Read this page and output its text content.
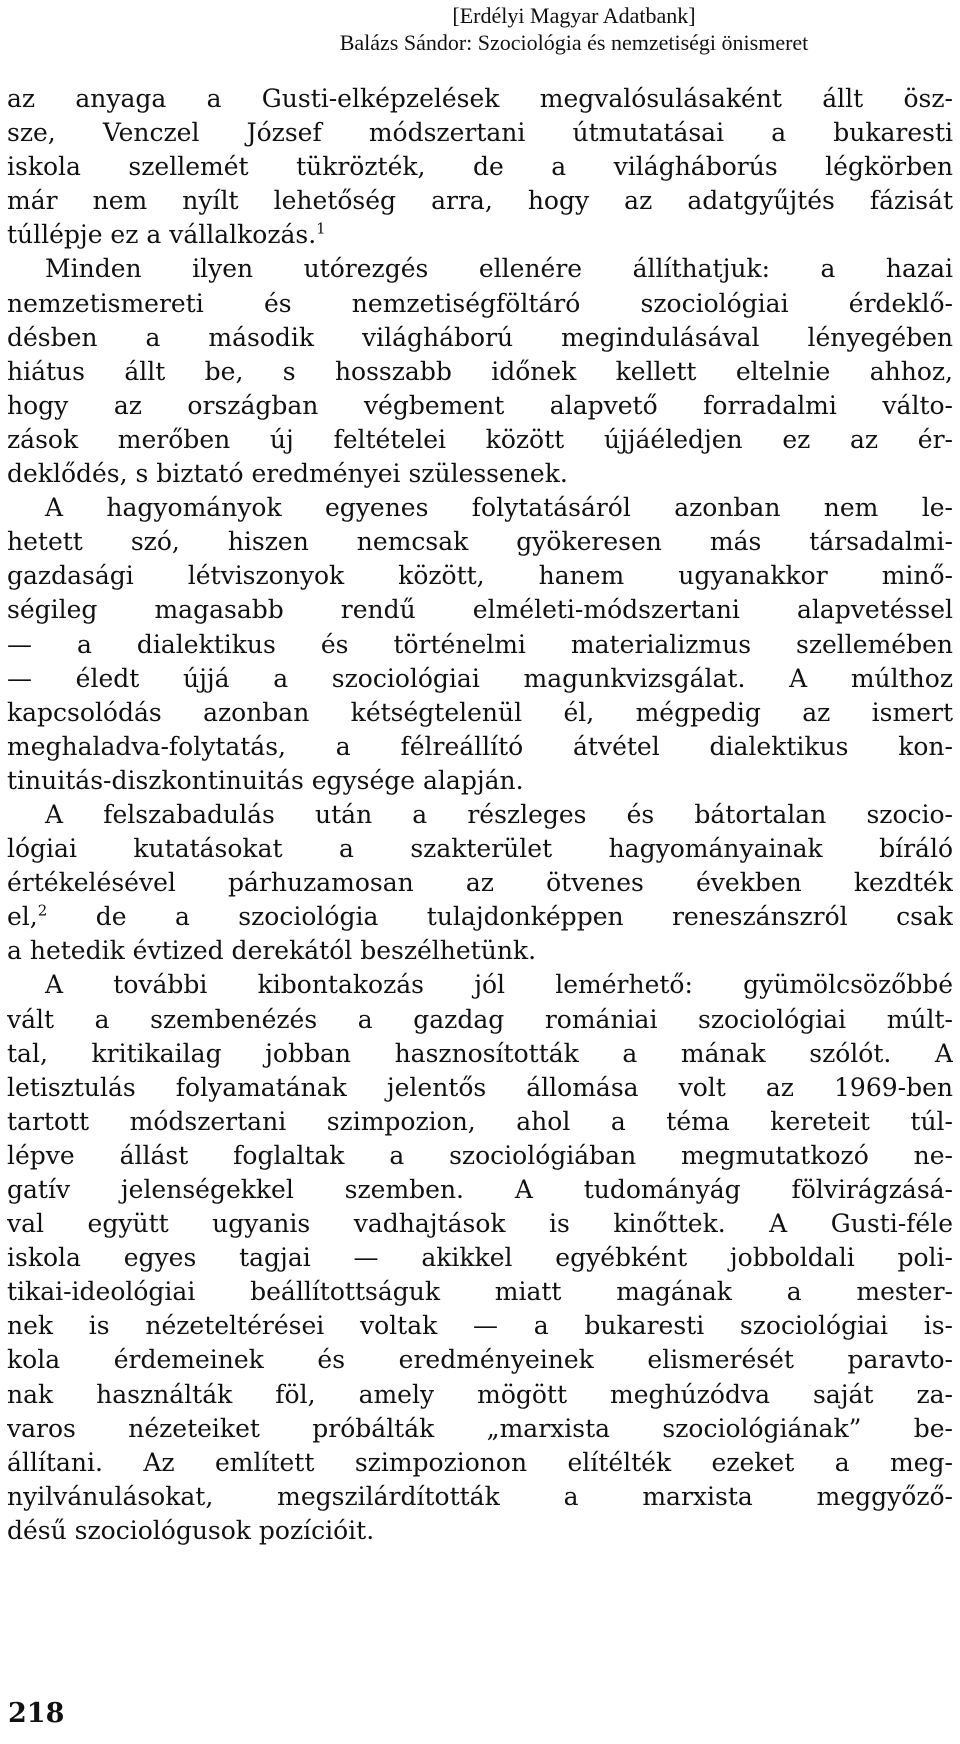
[Erdélyi Magyar Adatbank]
Balázs Sándor: Szociológia és nemzetiségi önismeret
az anyaga a Gusti-elképzelések megvalósulásaként állt ösz-
sze, Venczel József módszertani útmutatásai a bukaresti
iskola szellemét tükrözték, de a világháborús légkörben
már nem nyílt lehetőség arra, hogy az adatgyűjtés fázisát
túllépje ez a vállalkozás.$^1$
Minden ilyen utórezgés ellenére állíthatjuk: a hazai
nemzetismereti és nemzetiségföltáró szociológiai érdeklő-
désben a második világháború megindulásával lényegében
hiátus állt be, s hosszabb időnek kellett eltelnie ahhoz,
hogy az országban végbement alapvető forradalmi válto-
zások merőben új feltételei között újjáéledjen ez az ér-
deklődés, s biztató eredményei szülessenek.
A hagyományok egyenes folytatásáról azonban nem le-
hetett szó, hiszen nemcsak gyökeresen más társadalmi-
gazdasági létviszonyok között, hanem ugyanakkor minő-
ségileg magasabb rendű elméleti-módszertani alapvetéssel
— a dialektikus és történelmi materializmus szellemében
— éledt újjá a szociológiai magunkvizsgálat. A múlthoz
kapcsolódás azonban kétségtelenül él, mégpedig az ismert
meghaladva-folytatás, a félreállító átvétel dialektikus kon-
tinuitás-diszkontinuitás egysége alapján.
A felszabadulás után a részleges és bátortalan szocio-
lógiai kutatásokat a szakterület hagyományainak bíráló
értékelésével párhuzamosan az ötvenes években kezdték
el,$^2$ de a szociológia tulajdonképpen reneszánszról csak
a hetedik évtized derekától beszélhetünk.
A további kibontakozás jól lemérhető: gyümölcsözőbbé
vált a szembenézés a gazdag romániai szociológiai múlt-
tal, kritikailag jobban hasznosították a mának szólót. A
letisztulás folyamatának jelentős állomása volt az 1969-ben
tartott módszertani szimpozion, ahol a téma kereteit túl-
lépve állást foglaltak a szociológiában megmutatkozó ne-
gatív jelenségekkel szemben. A tudományág fölvirágzásá-
val együtt ugyanis vadhajtások is kinőttek. A Gusti-féle
iskola egyes tagjai — akikkel egyébként jobboldali poli-
tikai-ideológiai beállítottságuk miatt magának a mester-
nek is nézeteltérései voltak — a bukaresti szociológiai is-
kola érdemeinek és eredményeinek elismerését paravto-
nak használták föl, amely mögött meghúzódva saját za-
varos nézeteiket próbálták „marxista szociológiának” be-
állítani. Az említett szimpozionon elítélték ezeket a meg-
nyilvánulásokat, megszilárdították a marxista meggyőző-
désű szociológusok pozícióit.
218
